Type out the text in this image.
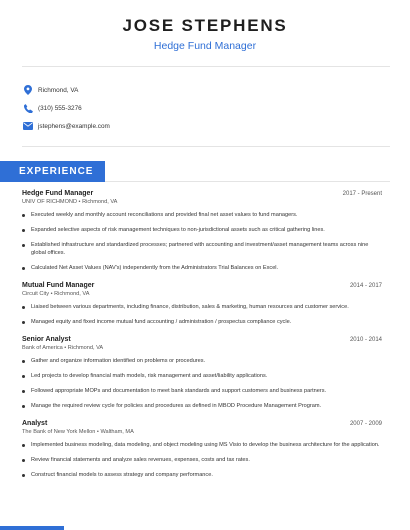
JOSE STEPHENS
Hedge Fund Manager
Richmond, VA
(310) 555-3276
jstephens@example.com
EXPERIENCE
Hedge Fund Manager	2017 - Present
UNIV OF RICHMOND • Richmond, VA
Executed weekly and monthly account reconciliations and provided final net asset values to fund managers.
Expanded selective aspects of risk management techniques to non-jurisdictional assets such as critical gathering lines.
Established infrastructure and standardized processes; partnered with accounting and investment/asset management teams across nine global offices.
Calculated Net Asset Values (NAV's) independently from the Administrators Trial Balances on Excel.
Mutual Fund Manager	2014 - 2017
Circuit City • Richmond, VA
Liaised between various departments, including finance, distribution, sales & marketing, human resources and customer service.
Managed equity and fixed income mutual fund accounting / administration / prospectus compliance cycle.
Senior Analyst	2010 - 2014
Bank of America • Richmond, VA
Gather and organize information identified on problems or procedures.
Led projects to develop financial math models, risk management and asset/liability applications.
Followed appropriate MOPs and documentation to meet bank standards and support customers and business partners.
Manage the required review cycle for policies and procedures as defined in MBOD Procedure Management Program.
Analyst	2007 - 2009
The Bank of New York Mellon • Waltham, MA
Implemented business modeling, data modeling, and object modeling using MS Visio to develop the business architecture for the application.
Review financial statements and analyze sales revenues, expenses, costs and tax rates.
Construct financial models to assess strategy and company performance.
